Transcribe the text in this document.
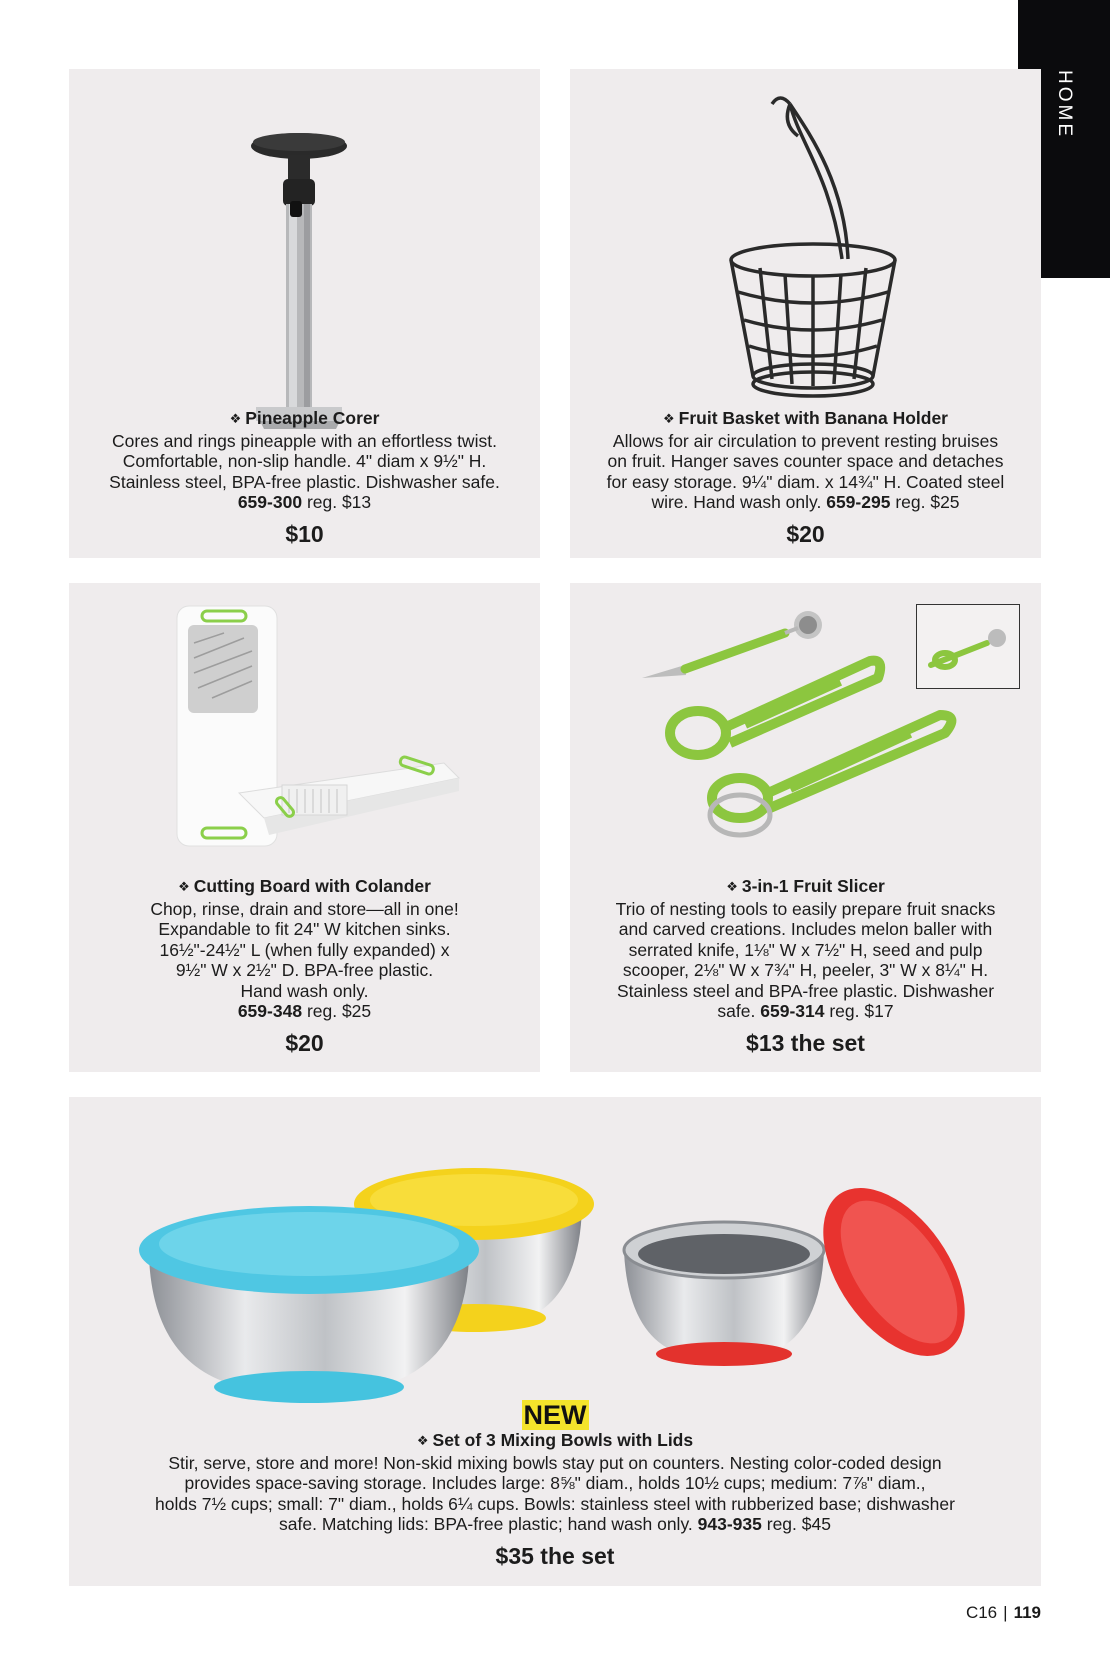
HOME
❖ Pineapple Corer
Cores and rings pineapple with an effortless twist.
Comfortable, non-slip handle. 4" diam x 9½" H.
Stainless steel, BPA-free plastic. Dishwasher safe.
659-300 reg. $13
$10
❖ Fruit Basket with Banana Holder
Allows for air circulation to prevent resting bruises
on fruit. Hanger saves counter space and detaches
for easy storage. 9¼" diam. x 14¾" H. Coated steel
wire. Hand wash only. 659-295 reg. $25
$20
❖ Cutting Board with Colander
Chop, rinse, drain and store—all in one!
Expandable to fit 24" W kitchen sinks.
16½"-24½" L (when fully expanded) x
9½" W x 2½" D. BPA-free plastic.
Hand wash only.
659-348 reg. $25
$20
❖ 3-in-1 Fruit Slicer
Trio of nesting tools to easily prepare fruit snacks
and carved creations. Includes melon baller with
serrated knife, 1⅛" W x 7½" H, seed and pulp
scooper, 2⅛" W x 7¾" H, peeler, 3" W x 8¼" H.
Stainless steel and BPA-free plastic. Dishwasher
safe. 659-314 reg. $17
$13 the set
NEW
❖ Set of 3 Mixing Bowls with Lids
Stir, serve, store and more! Non-skid mixing bowls stay put on counters. Nesting color-coded design
provides space-saving storage. Includes large: 8⅝" diam., holds 10½ cups; medium: 7⅞" diam.,
holds 7½ cups; small: 7" diam., holds 6¼ cups. Bowls: stainless steel with rubberized base; dishwasher
safe. Matching lids: BPA-free plastic; hand wash only. 943-935 reg. $45
$35 the set
C16 | 119
